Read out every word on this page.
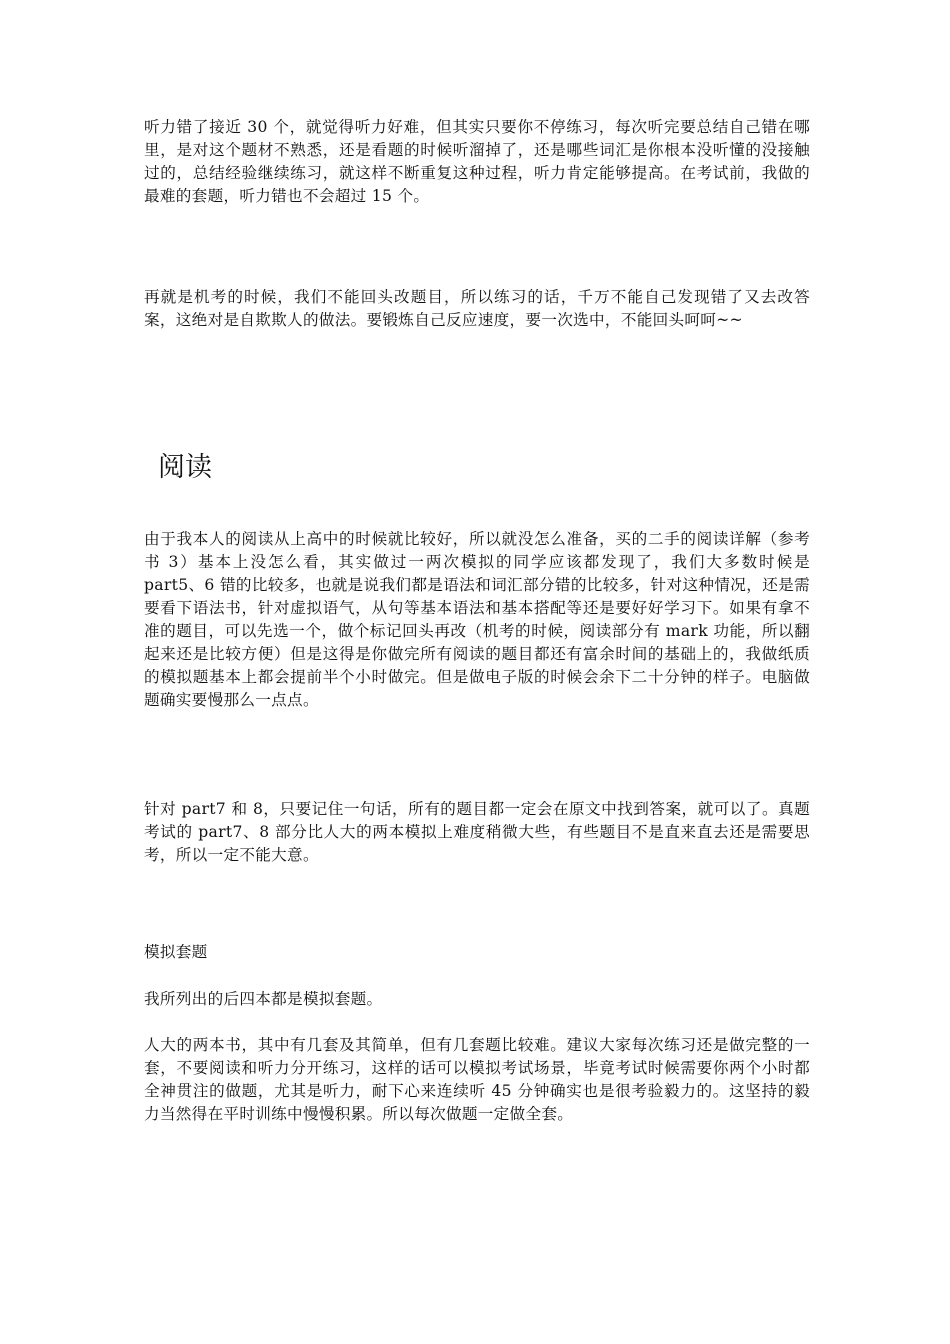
听力错了接近 30 个，就觉得听力好难，但其实只要你不停练习，每次听完要总结自己错在哪里，是对这个题材不熟悉，还是看题的时候听溜掉了，还是哪些词汇是你根本没听懂的没接触过的，总结经验继续练习，就这样不断重复这种过程，听力肯定能够提高。在考试前，我做的最难的套题，听力错也不会超过 15 个。

再就是机考的时候，我们不能回头改题目，所以练习的话，千万不能自己发现错了又去改答案，这绝对是自欺欺人的做法。要锻炼自己反应速度，要一次选中，不能回头呵呵~~

阅读

由于我本人的阅读从上高中的时候就比较好，所以就没怎么准备，买的二手的阅读详解（参考书 3）基本上没怎么看，其实做过一两次模拟的同学应该都发现了，我们大多数时候是 part5、6 错的比较多，也就是说我们都是语法和词汇部分错的比较多，针对这种情况，还是需要看下语法书，针对虚拟语气，从句等基本语法和基本搭配等还是要好好学习下。如果有拿不准的题目，可以先选一个，做个标记回头再改（机考的时候，阅读部分有 mark 功能，所以翻起来还是比较方便）但是这得是你做完所有阅读的题目都还有富余时间的基础上的，我做纸质的模拟题基本上都会提前半个小时做完。但是做电子版的时候会余下二十分钟的样子。电脑做题确实要慢那么一点点。

针对 part7 和 8，只要记住一句话，所有的题目都一定会在原文中找到答案，就可以了。真题考试的 part7、8 部分比人大的两本模拟上难度稍微大些，有些题目不是直来直去还是需要思考，所以一定不能大意。

模拟套题

我所列出的后四本都是模拟套题。

人大的两本书，其中有几套及其简单，但有几套题比较难。建议大家每次练习还是做完整的一套，不要阅读和听力分开练习，这样的话可以模拟考试场景，毕竟考试时候需要你两个小时都全神贯注的做题，尤其是听力，耐下心来连续听 45 分钟确实也是很考验毅力的。这坚持的毅力当然得在平时训练中慢慢积累。所以每次做题一定做全套。
